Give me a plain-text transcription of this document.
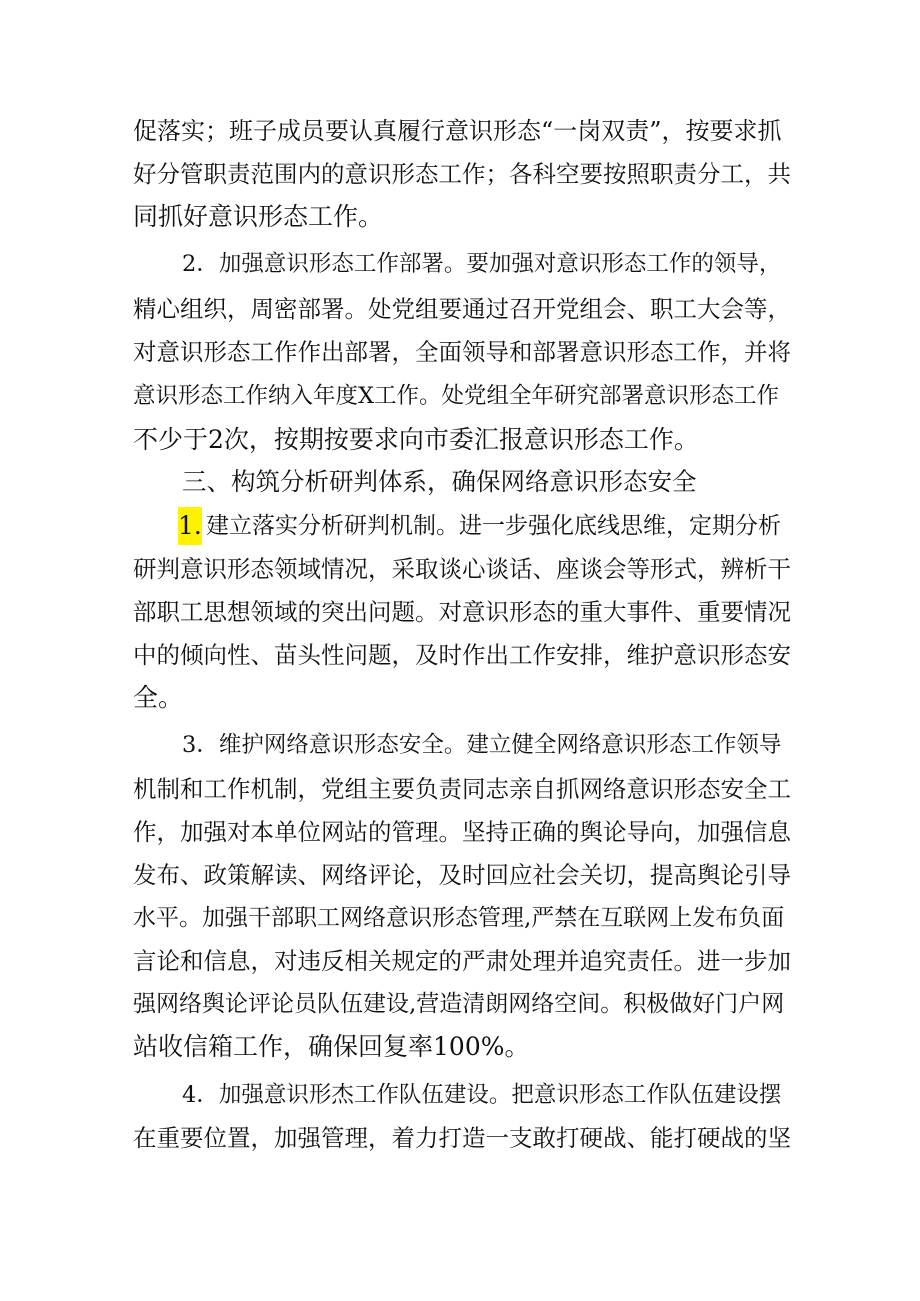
促落实；班子成员要认真履行意识形态“一岗双责”，按要求抓
好分管职责范围内的意识形态工作；各科空要按照职责分工，共
同抓好意识形态工作。
2．加强意识形态工作部署。要加强对意识形态工作的领导，
精心组织，周密部署。处党组要通过召开党组会、职工大会等，
对意识形态工作作出部署，全面领导和部署意识形态工作，并将
意识形态工作纳入年度X工作。处党组全年研究部署意识形态工作
不少于2次，按期按要求向市委汇报意识形态工作。
三、构筑分析研判体系，确保网络意识形态安全
1. 建立落实分析研判机制。进一步强化底线思维，定期分析
研判意识形态领域情况，采取谈心谈话、座谈会等形式，辨析干
部职工思想领域的突出问题。对意识形态的重大事件、重要情况
中的倾向性、苗头性问题，及时作出工作安排，维护意识形态安
全。
3．维护网络意识形态安全。建立健全网络意识形态工作领导
机制和工作机制，党组主要负责同志亲自抓网络意识形态安全工
作，加强对本单位网站的管理。坚持正确的舆论导向，加强信息
发布、政策解读、网络评论，及时回应社会关切，提高舆论引导
水平。加强干部职工网络意识形态管理,严禁在互联网上发布负面
言论和信息，对违反相关规定的严肃处理并追究责任。进一步加
强网络舆论评论员队伍建设,营造清朗网络空间。积极做好门户网
站收信箱工作，确保回复率100%。
4．加强意识形杰工作队伍建设。把意识形态工作队伍建设摆
在重要位置，加强管理，着力打造一支敢打硬战、能打硬战的坚
